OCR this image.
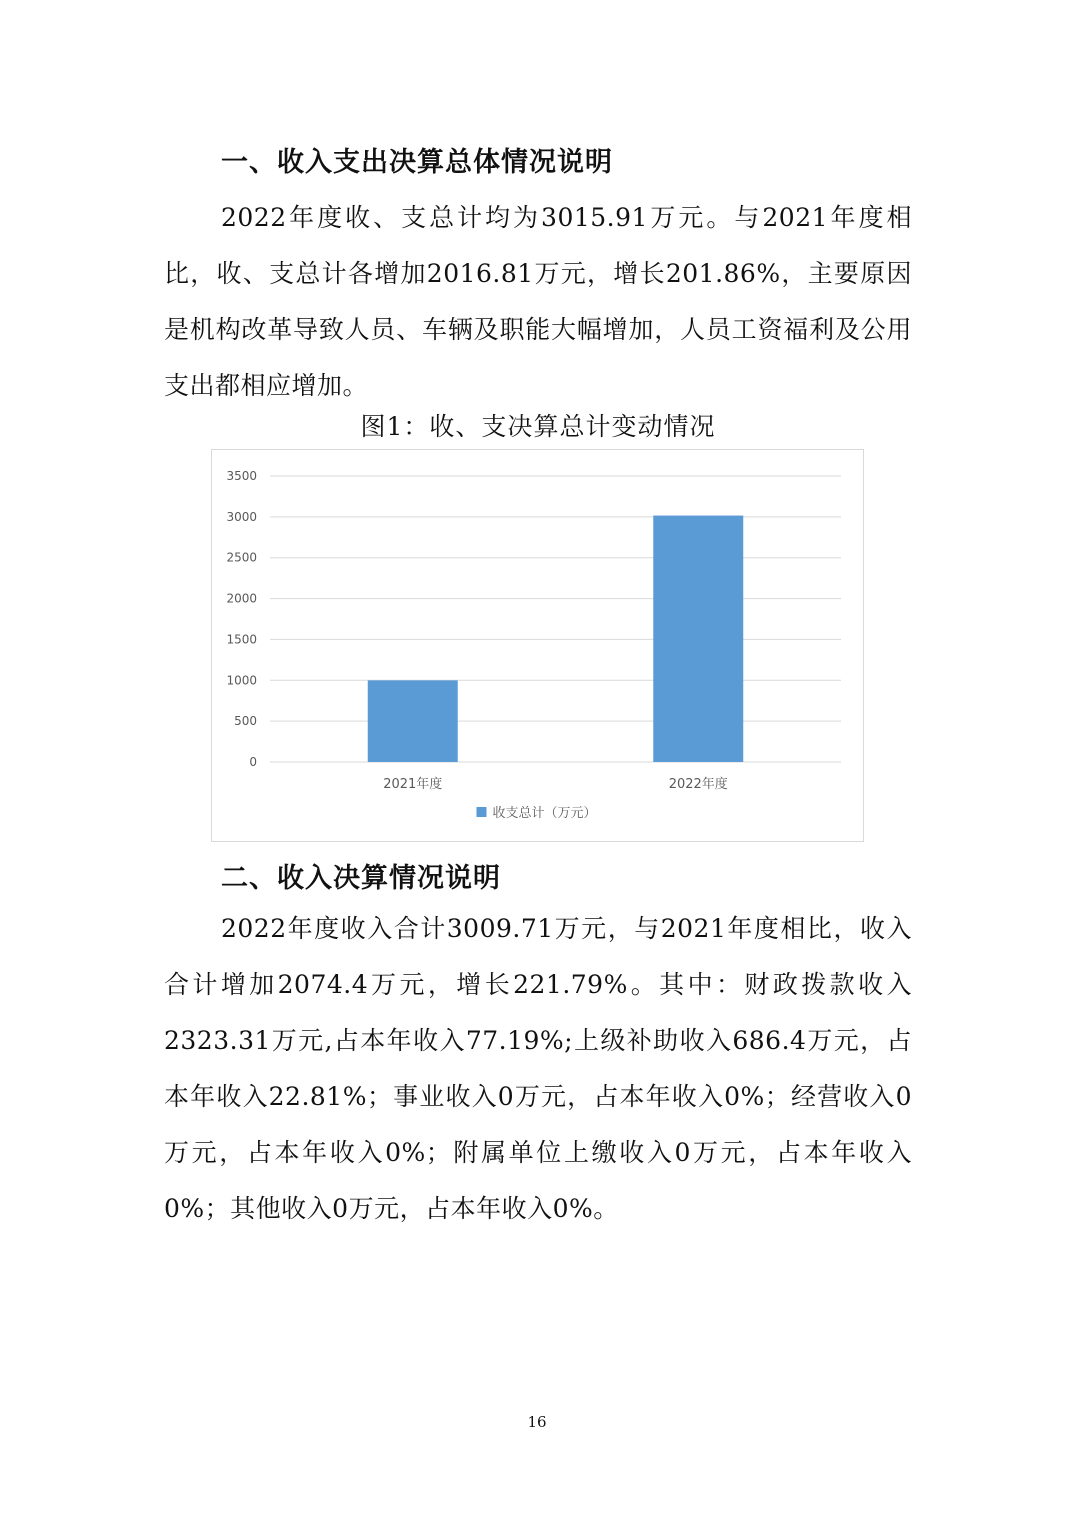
一、收入支出决算总体情况说明

2022年度收、支总计均为3015.91万元。与2021年度相比，收、支总计各增加2016.81万元，增长201.86%，主要原因是机构改革导致人员、车辆及职能大幅增加，人员工资福利及公用支出都相应增加。

图1：收、支决算总计变动情况

0
500
1000
1500
2000
2500
3000
3500
2021年度	2022年度
收支总计（万元）
二、收入决算情况说明

2022年度收入合计3009.71万元，与2021年度相比，收入合计增加2074.4万元，增长221.79%。其中：财政拨款收入2323.31万元,占本年收入77.19%;上级补助收入686.4万元，占本年收入22.81%；事业收入0万元，占本年收入0%；经营收入0万元，占本年收入0%；附属单位上缴收入0万元，占本年收入0%；其他收入0万元，占本年收入0%。

16
